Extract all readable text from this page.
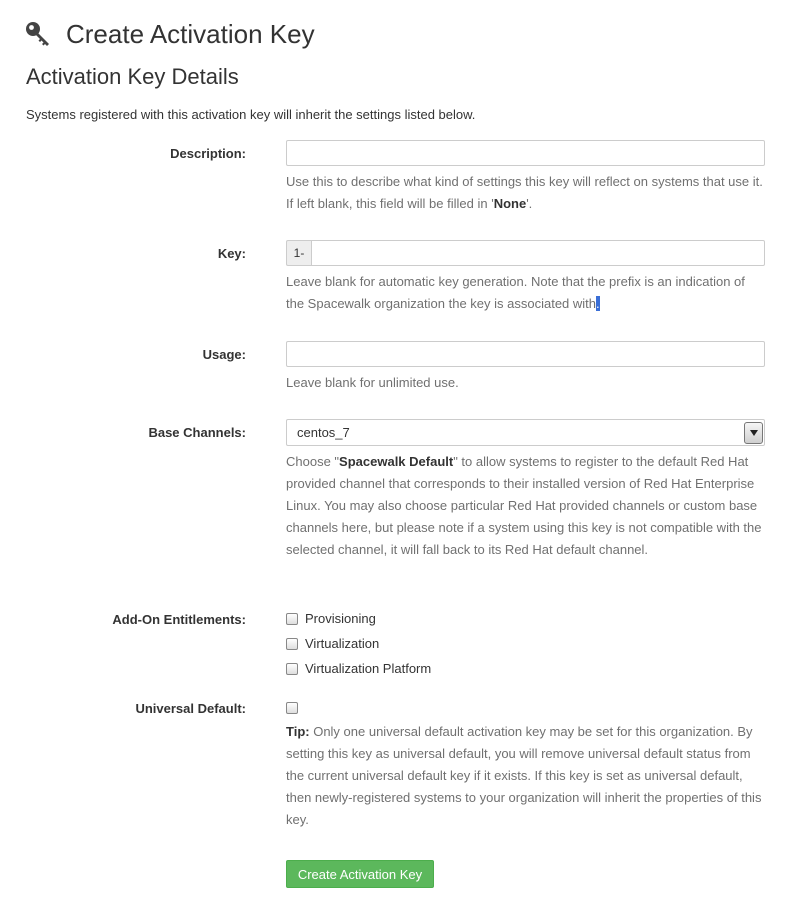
Create Activation Key
Activation Key Details

Systems registered with this activation key will inherit the settings listed below.

Description:

Use this to describe what kind of settings this key will reflect on systems that use it. If left blank, this field will be filled in 'None'.

Key:	1-

Leave blank for automatic key generation. Note that the prefix is an indication of the Spacewalk organization the key is associated with.

Usage:

Leave blank for unlimited use.

Base Channels:	centos_7

Choose "Spacewalk Default" to allow systems to register to the default Red Hat provided channel that corresponds to their installed version of Red Hat Enterprise Linux. You may also choose particular Red Hat provided channels or custom base channels here, but please note if a system using this key is not compatible with the selected channel, it will fall back to its Red Hat default channel.

Add-On Entitlements:	Provisioning
Virtualization
Virtualization Platform
Universal Default:

Tip: Only one universal default activation key may be set for this organization. By setting this key as universal default, you will remove universal default status from the current universal default key if it exists. If this key is set as universal default, then newly-registered systems to your organization will inherit the properties of this key.

Create Activation Key
